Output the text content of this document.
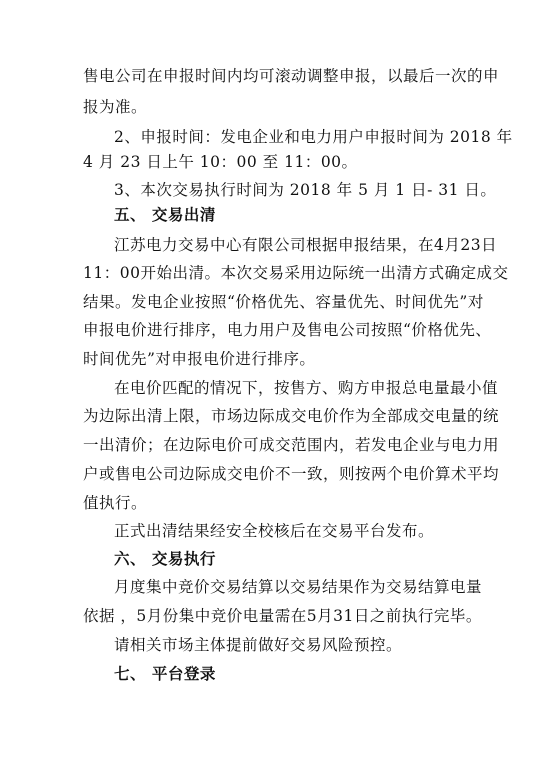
售电公司在申报时间内均可滚动调整申报，以最后一次的申

报为准。

2、申报时间：发电企业和电力用户申报时间为 2018 年

4 月 23 日上午 10：00 至 11：00。

3、本次交易执行时间为 2018 年 5 月 1 日- 31 日。

五、 交易出清

江苏电力交易中心有限公司根据申报结果，在4月23日

11：00开始出清。本次交易采用边际统一出清方式确定成交

结果。发电企业按照“价格优先、容量优先、时间优先”对

申报电价进行排序，电力用户及售电公司按照“价格优先、

时间优先”对申报电价进行排序。

在电价匹配的情况下，按售方、购方申报总电量最小值

为边际出清上限，市场边际成交电价作为全部成交电量的统

一出清价；在边际电价可成交范围内，若发电企业与电力用

户或售电公司边际成交电价不一致，则按两个电价算术平均

值执行。

正式出清结果经安全校核后在交易平台发布。

六、 交易执行

月度集中竞价交易结算以交易结果作为交易结算电量

依据 ，5月份集中竞价电量需在5月31日之前执行完毕。

请相关市场主体提前做好交易风险预控。

七、 平台登录
